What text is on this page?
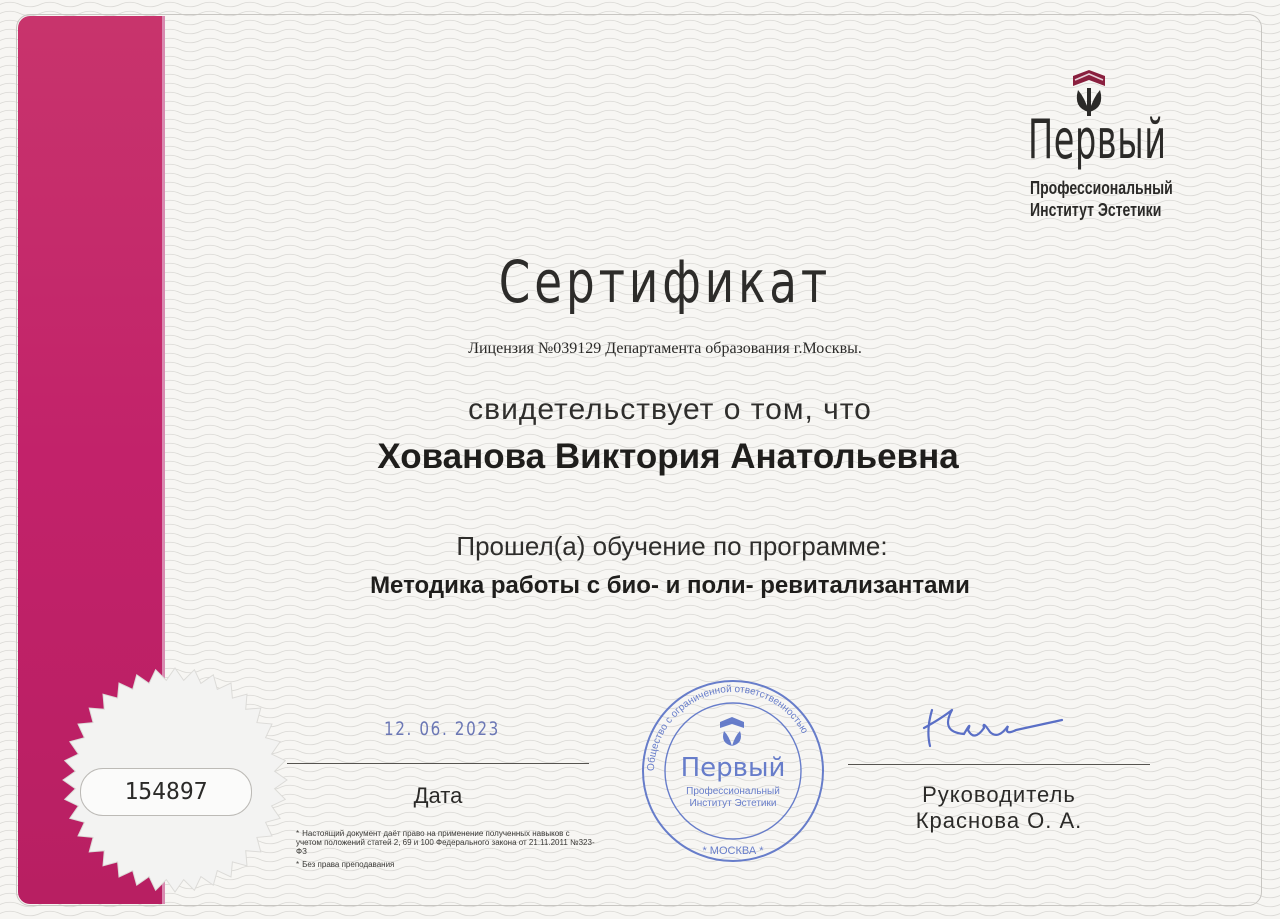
Первый
Профессиональный
Институт Эстетики
Сертификат
Лицензия №039129 Департамента образования г.Москвы.
свидетельствует о том, что
Хованова Виктория Анатольевна
Прошел(а) обучение по программе:
Методика работы с био- и поли- ревитализантами
154897
12. 06. 2023
Дата
Общество с ограниченной ответственностью
Первый
Профессиональный
Институт Эстетики
* МОСКВА *
Руководитель
Краснова О. А.

* Настоящий документ даёт право на применение полученных навыков с учетом положений статей 2, 69 и 100 Федерального закона от 21.11.2011 №323-ФЗ

* Без права преподавания
